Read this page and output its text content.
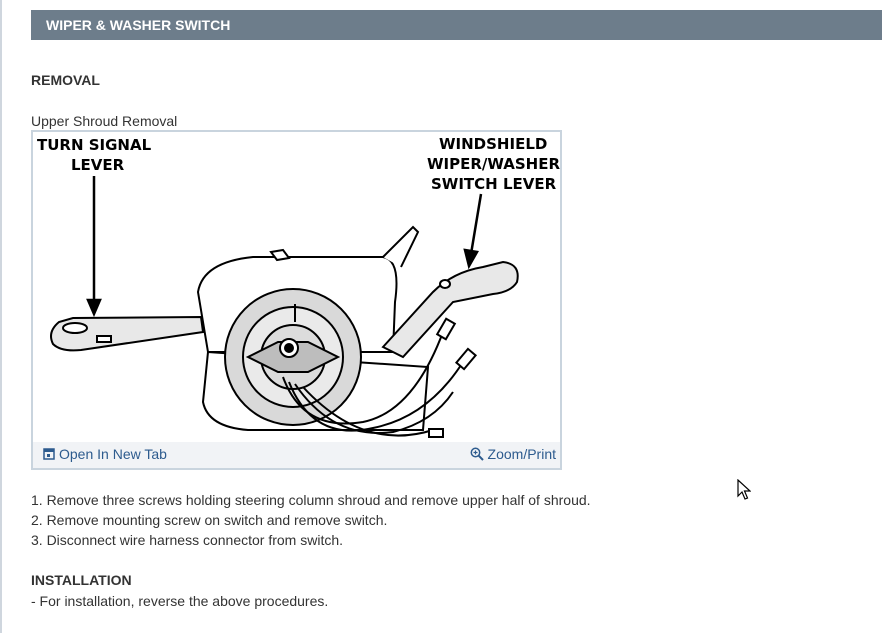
WIPER & WASHER SWITCH
REMOVAL
Upper Shroud Removal
TURN SIGNAL
LEVER
WINDSHIELD
WIPER/WASHER
SWITCH LEVER
Open In New Tab	Zoom/Print
1. Remove three screws holding steering column shroud and remove upper half of shroud.
2. Remove mounting screw on switch and remove switch.
3. Disconnect wire harness connector from switch.
INSTALLATION
- For installation, reverse the above procedures.
